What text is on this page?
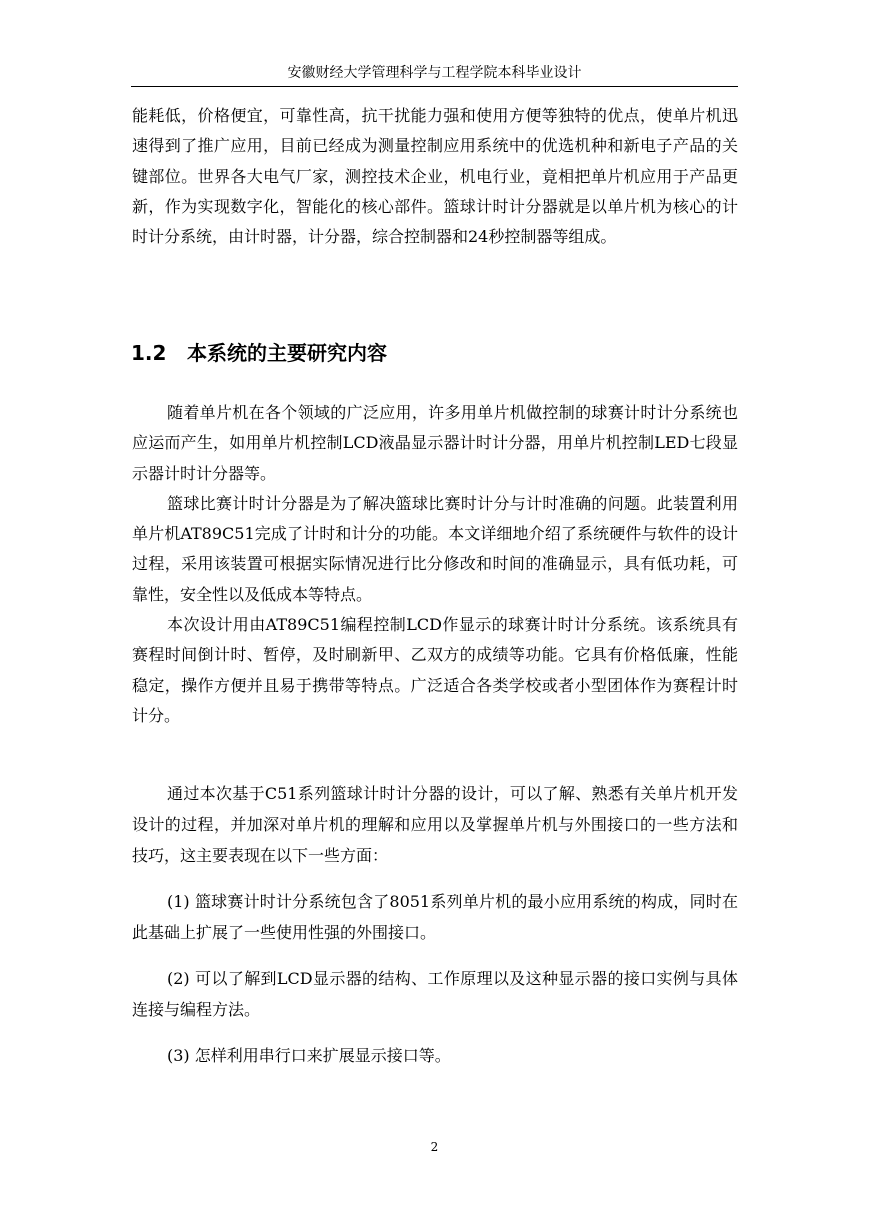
安徽财经大学管理科学与工程学院本科毕业设计

能耗低，价格便宜，可靠性高，抗干扰能力强和使用方便等独特的优点，使单片机迅速得到了推广应用，目前已经成为测量控制应用系统中的优选机种和新电子产品的关键部位。世界各大电气厂家，测控技术企业，机电行业，竟相把单片机应用于产品更新，作为实现数字化，智能化的核心部件。篮球计时计分器就是以单片机为核心的计时计分系统，由计时器，计分器，综合控制器和24秒控制器等组成。

1.2 本系统的主要研究内容

随着单片机在各个领域的广泛应用，许多用单片机做控制的球赛计时计分系统也应运而产生，如用单片机控制LCD液晶显示器计时计分器，用单片机控制LED七段显示器计时计分器等。

篮球比赛计时计分器是为了解决篮球比赛时计分与计时准确的问题。此装置利用单片机AT89C51完成了计时和计分的功能。本文详细地介绍了系统硬件与软件的设计过程，采用该装置可根据实际情况进行比分修改和时间的准确显示，具有低功耗，可靠性，安全性以及低成本等特点。

本次设计用由AT89C51编程控制LCD作显示的球赛计时计分系统。该系统具有赛程时间倒计时、暂停，及时刷新甲、乙双方的成绩等功能。它具有价格低廉，性能稳定，操作方便并且易于携带等特点。广泛适合各类学校或者小型团体作为赛程计时计分。

通过本次基于C51系列篮球计时计分器的设计，可以了解、熟悉有关单片机开发设计的过程，并加深对单片机的理解和应用以及掌握单片机与外围接口的一些方法和技巧，这主要表现在以下一些方面：

(1) 篮球赛计时计分系统包含了8051系列单片机的最小应用系统的构成，同时在此基础上扩展了一些使用性强的外围接口。

(2) 可以了解到LCD显示器的结构、工作原理以及这种显示器的接口实例与具体连接与编程方法。

(3) 怎样利用串行口来扩展显示接口等。

2
